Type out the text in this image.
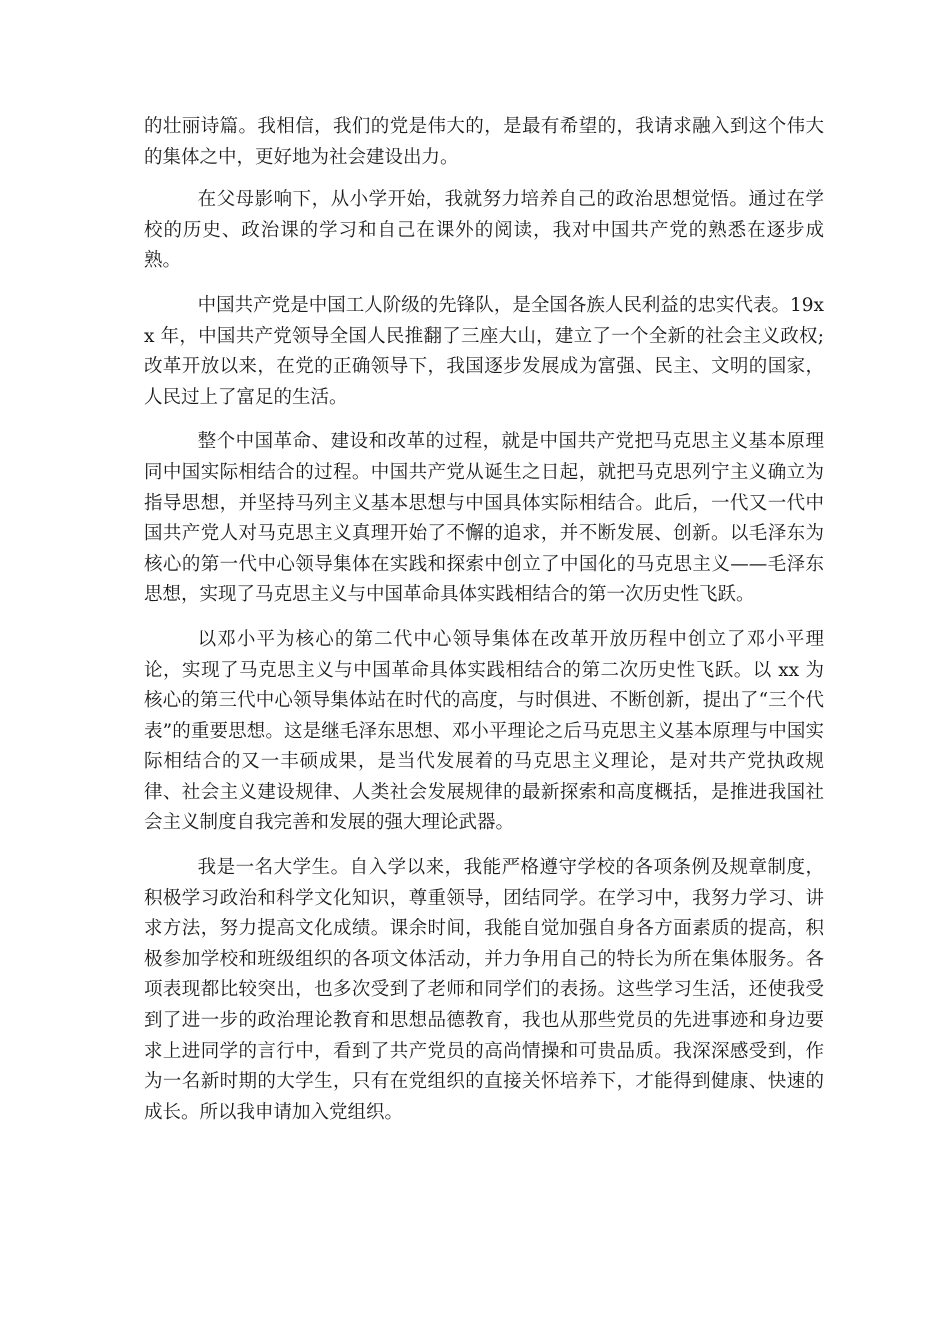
的壮丽诗篇。我相信，我们的党是伟大的，是最有希望的，我请求融入到这个伟大的集体之中，更好地为社会建设出力。

在父母影响下，从小学开始，我就努力培养自己的政治思想觉悟。通过在学校的历史、政治课的学习和自己在课外的阅读，我对中国共产党的熟悉在逐步成熟。

中国共产党是中国工人阶级的先锋队，是全国各族人民利益的忠实代表。19xx 年，中国共产党领导全国人民推翻了三座大山，建立了一个全新的社会主义政权;改革开放以来，在党的正确领导下，我国逐步发展成为富强、民主、文明的国家，人民过上了富足的生活。

整个中国革命、建设和改革的过程，就是中国共产党把马克思主义基本原理同中国实际相结合的过程。中国共产党从诞生之日起，就把马克思列宁主义确立为指导思想，并坚持马列主义基本思想与中国具体实际相结合。此后，一代又一代中国共产党人对马克思主义真理开始了不懈的追求，并不断发展、创新。以毛泽东为核心的第一代中心领导集体在实践和探索中创立了中国化的马克思主义——毛泽东思想，实现了马克思主义与中国革命具体实践相结合的第一次历史性飞跃。

以邓小平为核心的第二代中心领导集体在改革开放历程中创立了邓小平理论，实现了马克思主义与中国革命具体实践相结合的第二次历史性飞跃。以 xx 为核心的第三代中心领导集体站在时代的高度，与时俱进、不断创新，提出了“三个代表”的重要思想。这是继毛泽东思想、邓小平理论之后马克思主义基本原理与中国实际相结合的又一丰硕成果，是当代发展着的马克思主义理论，是对共产党执政规律、社会主义建设规律、人类社会发展规律的最新探索和高度概括，是推进我国社会主义制度自我完善和发展的强大理论武器。

我是一名大学生。自入学以来，我能严格遵守学校的各项条例及规章制度，积极学习政治和科学文化知识，尊重领导，团结同学。在学习中，我努力学习、讲求方法，努力提高文化成绩。课余时间，我能自觉加强自身各方面素质的提高，积极参加学校和班级组织的各项文体活动，并力争用自己的特长为所在集体服务。各项表现都比较突出，也多次受到了老师和同学们的表扬。这些学习生活，还使我受到了进一步的政治理论教育和思想品德教育，我也从那些党员的先进事迹和身边要求上进同学的言行中，看到了共产党员的高尚情操和可贵品质。我深深感受到，作为一名新时期的大学生，只有在党组织的直接关怀培养下，才能得到健康、快速的成长。所以我申请加入党组织。
